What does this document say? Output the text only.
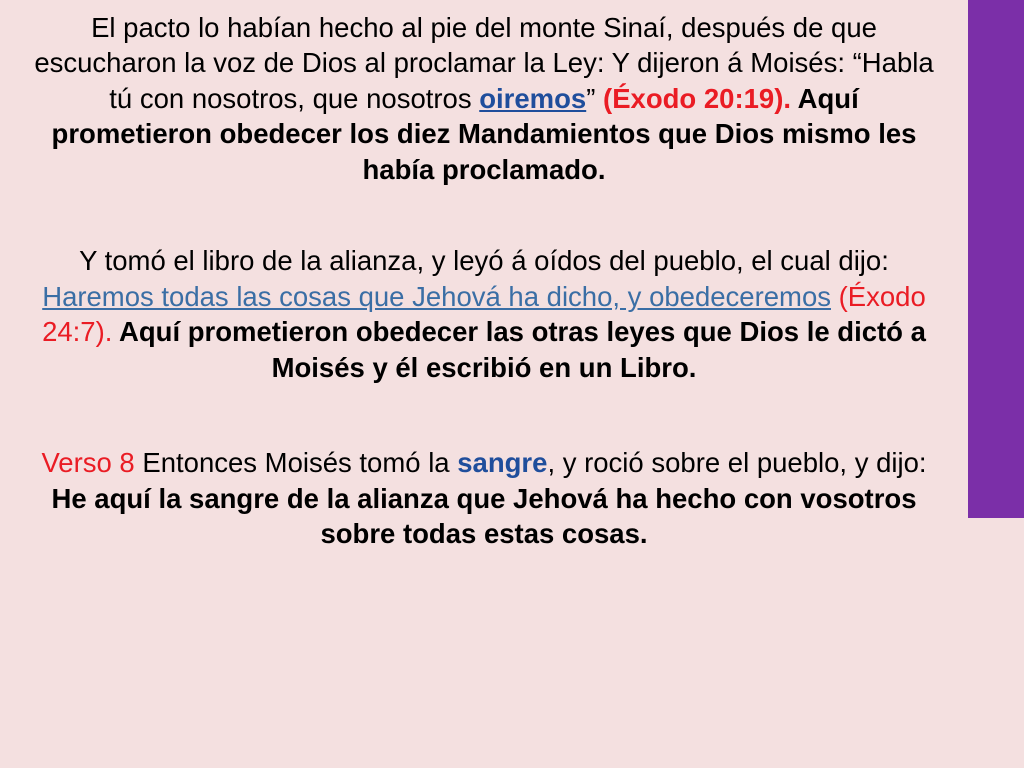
El pacto lo habían hecho al pie del monte Sinaí, después de que escucharon la voz de Dios al proclamar la Ley: Y dijeron á Moisés: “Habla tú con nosotros, que nosotros oiremos” (Éxodo 20:19). Aquí prometieron obedecer los diez Mandamientos que Dios mismo les había proclamado.

Y tomó el libro de la alianza, y leyó á oídos del pueblo, el cual dijo: Haremos todas las cosas que Jehová ha dicho, y obedeceremos (Éxodo 24:7). Aquí prometieron obedecer las otras leyes que Dios le dictó a Moisés y él escribió en un Libro.

Verso 8 Entonces Moisés tomó la sangre, y roció sobre el pueblo, y dijo: He aquí la sangre de la alianza que Jehová ha hecho con vosotros sobre todas estas cosas.
